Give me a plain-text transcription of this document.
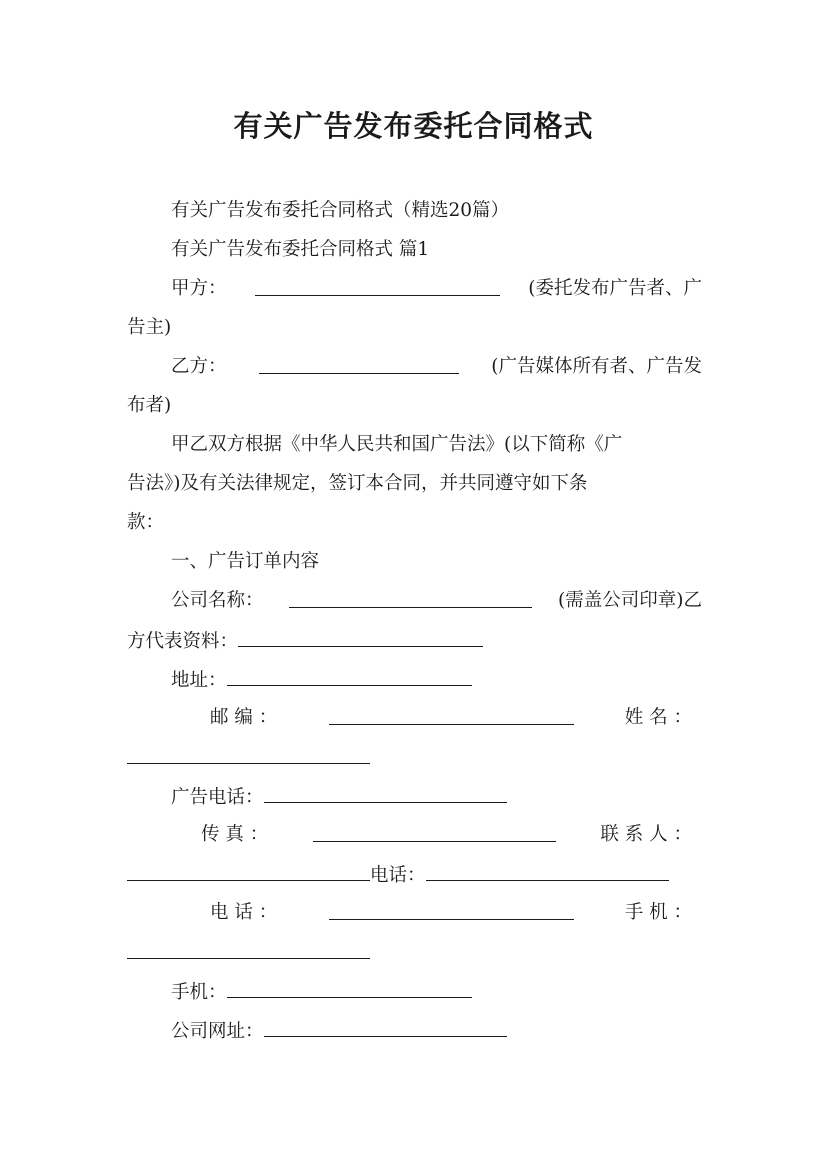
有关广告发布委托合同格式
有关广告发布委托合同格式（精选20篇）
有关广告发布委托合同格式 篇1
甲方：	(委托发布广告者、广
告主)
乙方：	(广告媒体所有者、广告发
布者)
甲乙双方根据《中华人民共和国广告法》(以下简称《广
告法》)及有关法律规定，签订本合同，并共同遵守如下条
款：
一、广告订单内容
公司名称：	(需盖公司印章)乙
方代表资料：
地址：
邮 编 ：	姓 名 ：
广告电话：
传 真 ：	联 系 人 ：
电话：
电 话 ：	手 机 ：
手机：
公司网址：
